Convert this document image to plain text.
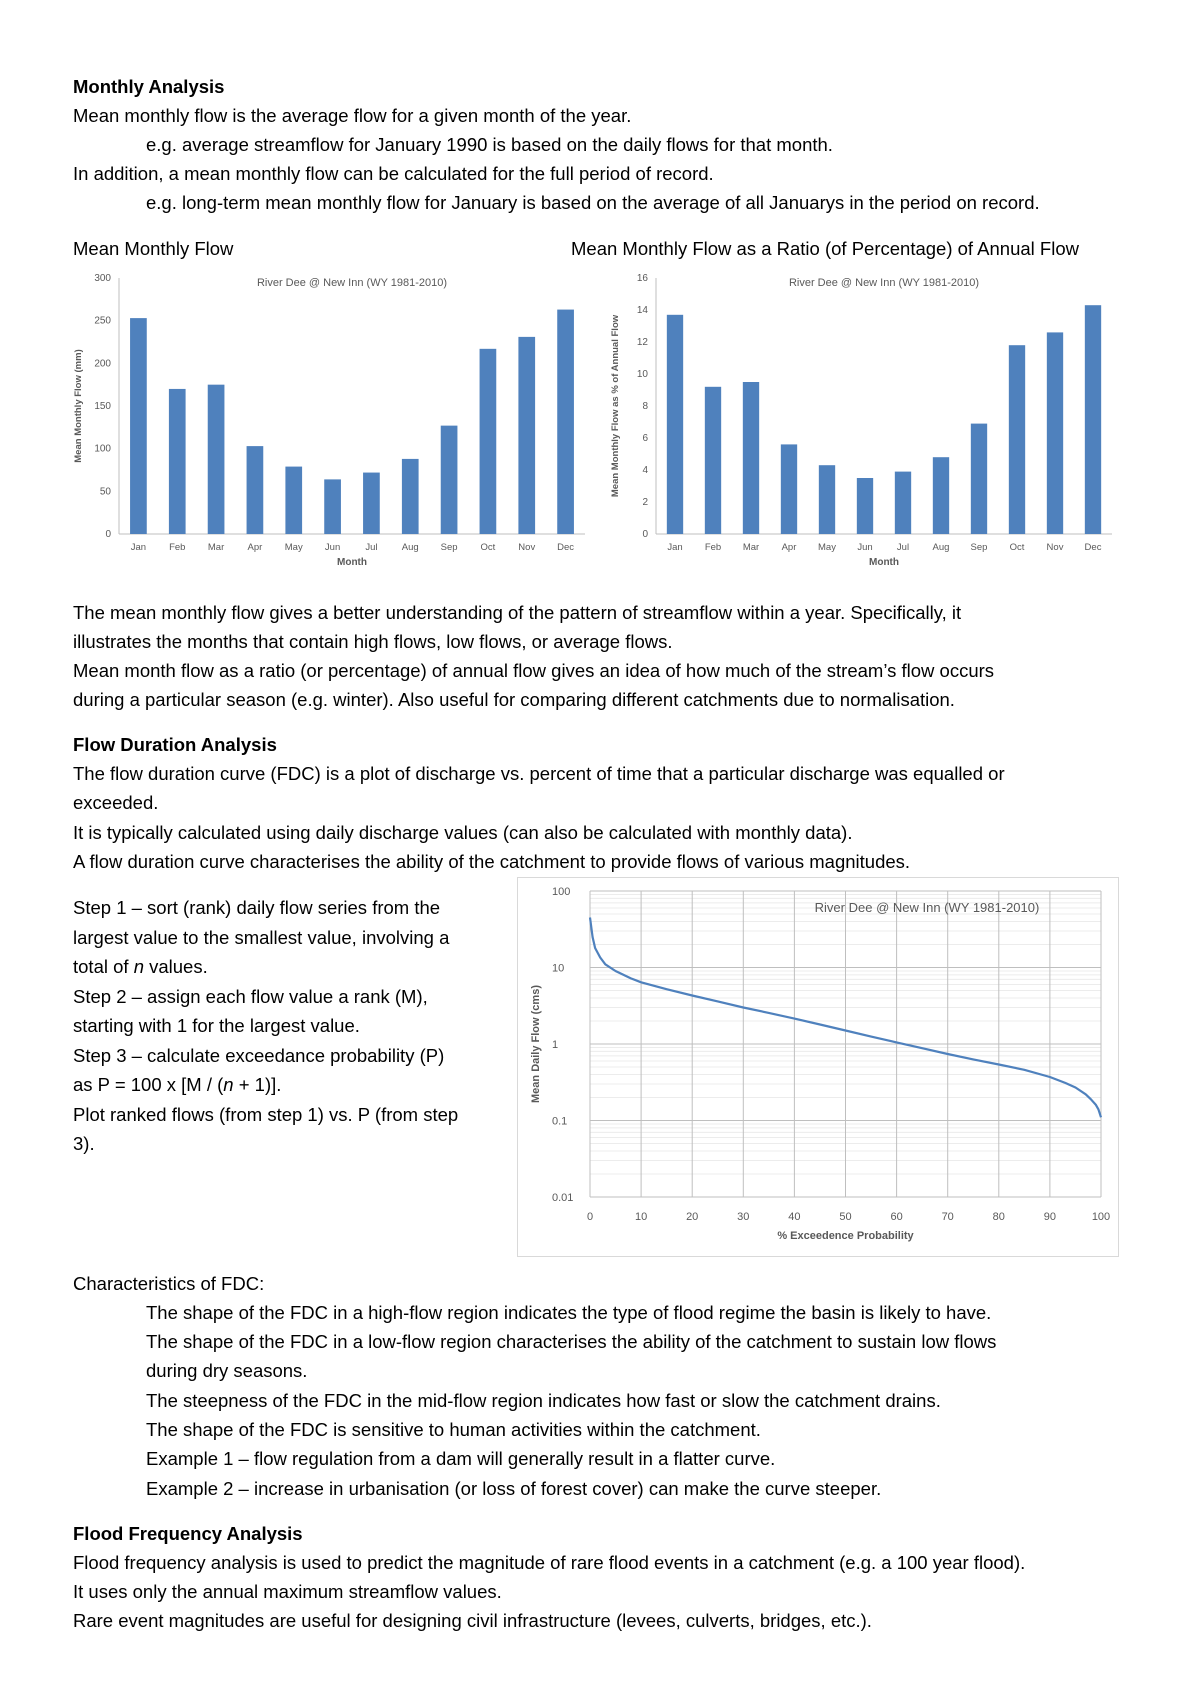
Monthly Analysis
Mean monthly flow is the average flow for a given month of the year.
e.g. average streamflow for January 1990 is based on the daily flows for that month.
In addition, a mean monthly flow can be calculated for the full period of record.
e.g. long-term mean monthly flow for January is based on the average of all Januarys in the period on record.
Mean Monthly Flow	Mean Monthly Flow as a Ratio (of Percentage) of Annual Flow
0
50
100
150
200
250
300
Jan Feb Mar Apr May Jun	Jul	Aug Sep Oct Nov Dec
River Dee @ New Inn (WY 1981-2010)
Month
Mean Monthly Flow (mm)
0
2
4
6
8
10
12
14
16
Jan Feb Mar Apr May Jun	Jul Aug Sep Oct Nov Dec
River Dee @ New Inn (WY 1981-2010)
Month
Mean Monthly Flow as % of Annual Flow
The mean monthly flow gives a better understanding of the pattern of streamflow within a year. Specifically, it
illustrates the months that contain high flows, low flows, or average flows.
Mean month flow as a ratio (or percentage) of annual flow gives an idea of how much of the stream’s flow occurs
during a particular season (e.g. winter). Also useful for comparing different catchments due to normalisation.
Flow Duration Analysis
The flow duration curve (FDC) is a plot of discharge vs. percent of time that a particular discharge was equalled or
exceeded.
It is typically calculated using daily discharge values (can also be calculated with monthly data).
A flow duration curve characterises the ability of the catchment to provide flows of various magnitudes.
Step 1 – sort (rank) daily flow series from the
largest value to the smallest value, involving a
total of n values.
Step 2 – assign each flow value a rank (M),
starting with 1 for the largest value.
Step 3 – calculate exceedance probability (P)
as P = 100 x [M / (n + 1)].
Plot ranked flows (from step 1) vs. P (from step
3).
0.01
0.1
1
10
100
0	10	20	30	40	50	60	70	80	90	100
River Dee @ New Inn (WY 1981-2010)
% Exceedence Probability
Mean Daily Flow (cms)
Characteristics of FDC:
The shape of the FDC in a high-flow region indicates the type of flood regime the basin is likely to have.
The shape of the FDC in a low-flow region characterises the ability of the catchment to sustain low flows
during dry seasons.
The steepness of the FDC in the mid-flow region indicates how fast or slow the catchment drains.
The shape of the FDC is sensitive to human activities within the catchment.
Example 1 – flow regulation from a dam will generally result in a flatter curve.
Example 2 – increase in urbanisation (or loss of forest cover) can make the curve steeper.
Flood Frequency Analysis
Flood frequency analysis is used to predict the magnitude of rare flood events in a catchment (e.g. a 100 year flood).
It uses only the annual maximum streamflow values.
Rare event magnitudes are useful for designing civil infrastructure (levees, culverts, bridges, etc.).
